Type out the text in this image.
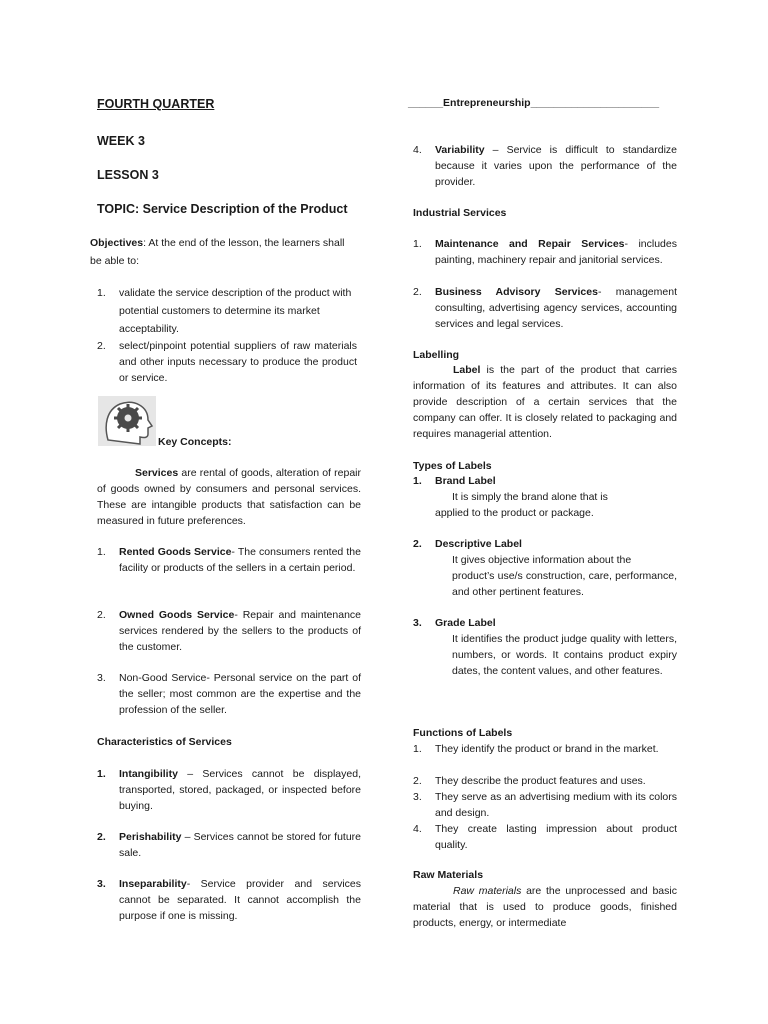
FOURTH QUARTER
WEEK 3
LESSON 3
TOPIC: Service Description of the Product
Objectives: At the end of the lesson, the learners shall be able to:
1. validate the service description of the product with potential customers to determine its market acceptability.
2. select/pinpoint potential suppliers of raw materials and other inputs necessary to produce the product or service.
Key Concepts:
Services are rental of goods, alteration of repair of goods owned by consumers and personal services. These are intangible products that satisfaction can be measured in future preferences.
1. Rented Goods Service- The consumers rented the facility or products of the sellers in a certain period.
2. Owned Goods Service- Repair and maintenance services rendered by the sellers to the products of the customer.
3. Non-Good Service- Personal service on the part of the seller; most common are the expertise and the profession of the seller.
Characteristics of Services
1. Intangibility – Services cannot be displayed, transported, stored, packaged, or inspected before buying.
2. Perishability – Services cannot be stored for future sale.
3. Inseparability- Service provider and services cannot be separated. It cannot accomplish the purpose if one is missing.
______Entrepreneurship______________________
4. Variability – Service is difficult to standardize because it varies upon the performance of the provider.
Industrial Services
1. Maintenance and Repair Services- includes painting, machinery repair and janitorial services.
2. Business Advisory Services- management consulting, advertising agency services, accounting services and legal services.
Labelling
Label is the part of the product that carries information of its features and attributes. It can also provide description of a certain services that the company can offer. It is closely related to packaging and requires managerial attention.
Types of Labels
1. Brand Label
It is simply the brand alone that is
applied to the product or package.
2. Descriptive Label
It gives objective information about the
product’s use/s construction, care, performance, and other pertinent features.
3. Grade Label
It identifies the product judge quality with letters, numbers, or words. It contains product expiry dates, the content values, and other features.
Functions of Labels
1. They identify the product or brand in the market.
2. They describe the product features and uses.
3. They serve as an advertising medium with its colors and design.
4. They create lasting impression about product quality.
Raw Materials
Raw materials are the unprocessed and basic material that is used to produce goods, finished products, energy, or intermediate
